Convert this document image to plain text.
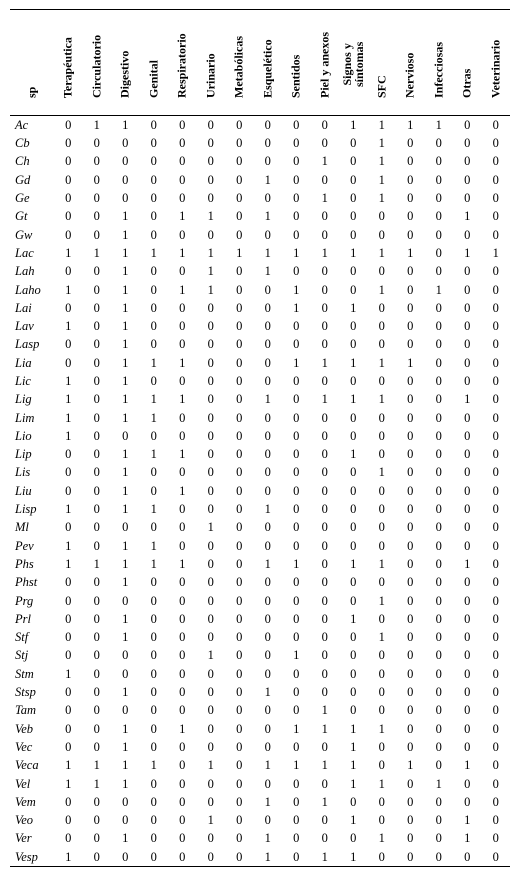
sp	Terapéutica	Circulatorio	Digestivo	Genital	Respiratorio	Urinario	Metabólicas	Esquelético	Sentidos	Piel y anexos	Signos y
síntomas	SFC	Nervioso	Infecciosas	Otras	Veterinario

Ac	0	1	1	0	0	0	0	0	0	0	1	1	1	1	0	0
Cb	0	0	0	0	0	0	0	0	0	0	0	1	0	0	0	0
Ch	0	0	0	0	0	0	0	0	0	1	0	1	0	0	0	0
Gd	0	0	0	0	0	0	0	1	0	0	0	1	0	0	0	0
Ge	0	0	0	0	0	0	0	0	0	1	0	1	0	0	0	0
Gt	0	0	1	0	1	1	0	1	0	0	0	0	0	0	1	0
Gw	0	0	1	0	0	0	0	0	0	0	0	0	0	0	0	0
Lac	1	1	1	1	1	1	1	1	1	1	1	1	1	0	1	1
Lah	0	0	1	0	0	1	0	1	0	0	0	0	0	0	0	0
Laho	1	0	1	0	1	1	0	0	1	0	0	1	0	1	0	0
Lai	0	0	1	0	0	0	0	0	1	0	1	0	0	0	0	0
Lav	1	0	1	0	0	0	0	0	0	0	0	0	0	0	0	0
Lasp	0	0	1	0	0	0	0	0	0	0	0	0	0	0	0	0
Lia	0	0	1	1	1	0	0	0	1	1	1	1	1	0	0	0
Lic	1	0	1	0	0	0	0	0	0	0	0	0	0	0	0	0
Lig	1	0	1	1	1	0	0	1	0	1	1	1	0	0	1	0
Lim	1	0	1	1	0	0	0	0	0	0	0	0	0	0	0	0
Lio	1	0	0	0	0	0	0	0	0	0	0	0	0	0	0	0
Lip	0	0	1	1	1	0	0	0	0	0	1	0	0	0	0	0
Lis	0	0	1	0	0	0	0	0	0	0	0	1	0	0	0	0
Liu	0	0	1	0	1	0	0	0	0	0	0	0	0	0	0	0
Lisp	1	0	1	1	0	0	0	1	0	0	0	0	0	0	0	0
Ml	0	0	0	0	0	1	0	0	0	0	0	0	0	0	0	0
Pev	1	0	1	1	0	0	0	0	0	0	0	0	0	0	0	0
Phs	1	1	1	1	1	0	0	1	1	0	1	1	0	0	1	0
Phst	0	0	1	0	0	0	0	0	0	0	0	0	0	0	0	0
Prg	0	0	0	0	0	0	0	0	0	0	0	1	0	0	0	0
Prl	0	0	1	0	0	0	0	0	0	0	1	0	0	0	0	0
Stf	0	0	1	0	0	0	0	0	0	0	0	1	0	0	0	0
Stj	0	0	0	0	0	1	0	0	1	0	0	0	0	0	0	0
Stm	1	0	0	0	0	0	0	0	0	0	0	0	0	0	0	0
Stsp	0	0	1	0	0	0	0	1	0	0	0	0	0	0	0	0
Tam	0	0	0	0	0	0	0	0	0	1	0	0	0	0	0	0
Veb	0	0	1	0	1	0	0	0	1	1	1	1	0	0	0	0
Vec	0	0	1	0	0	0	0	0	0	0	1	0	0	0	0	0
Veca	1	1	1	1	0	1	0	1	1	1	1	0	1	0	1	0
Vel	1	1	1	0	0	0	0	0	0	0	1	1	0	1	0	0
Vem	0	0	0	0	0	0	0	1	0	1	0	0	0	0	0	0
Veo	0	0	0	0	0	1	0	0	0	0	1	0	0	0	1	0
Ver	0	0	1	0	0	0	0	1	0	0	0	1	0	0	1	0
Vesp	1	0	0	0	0	0	0	1	0	1	1	0	0	0	0	0
